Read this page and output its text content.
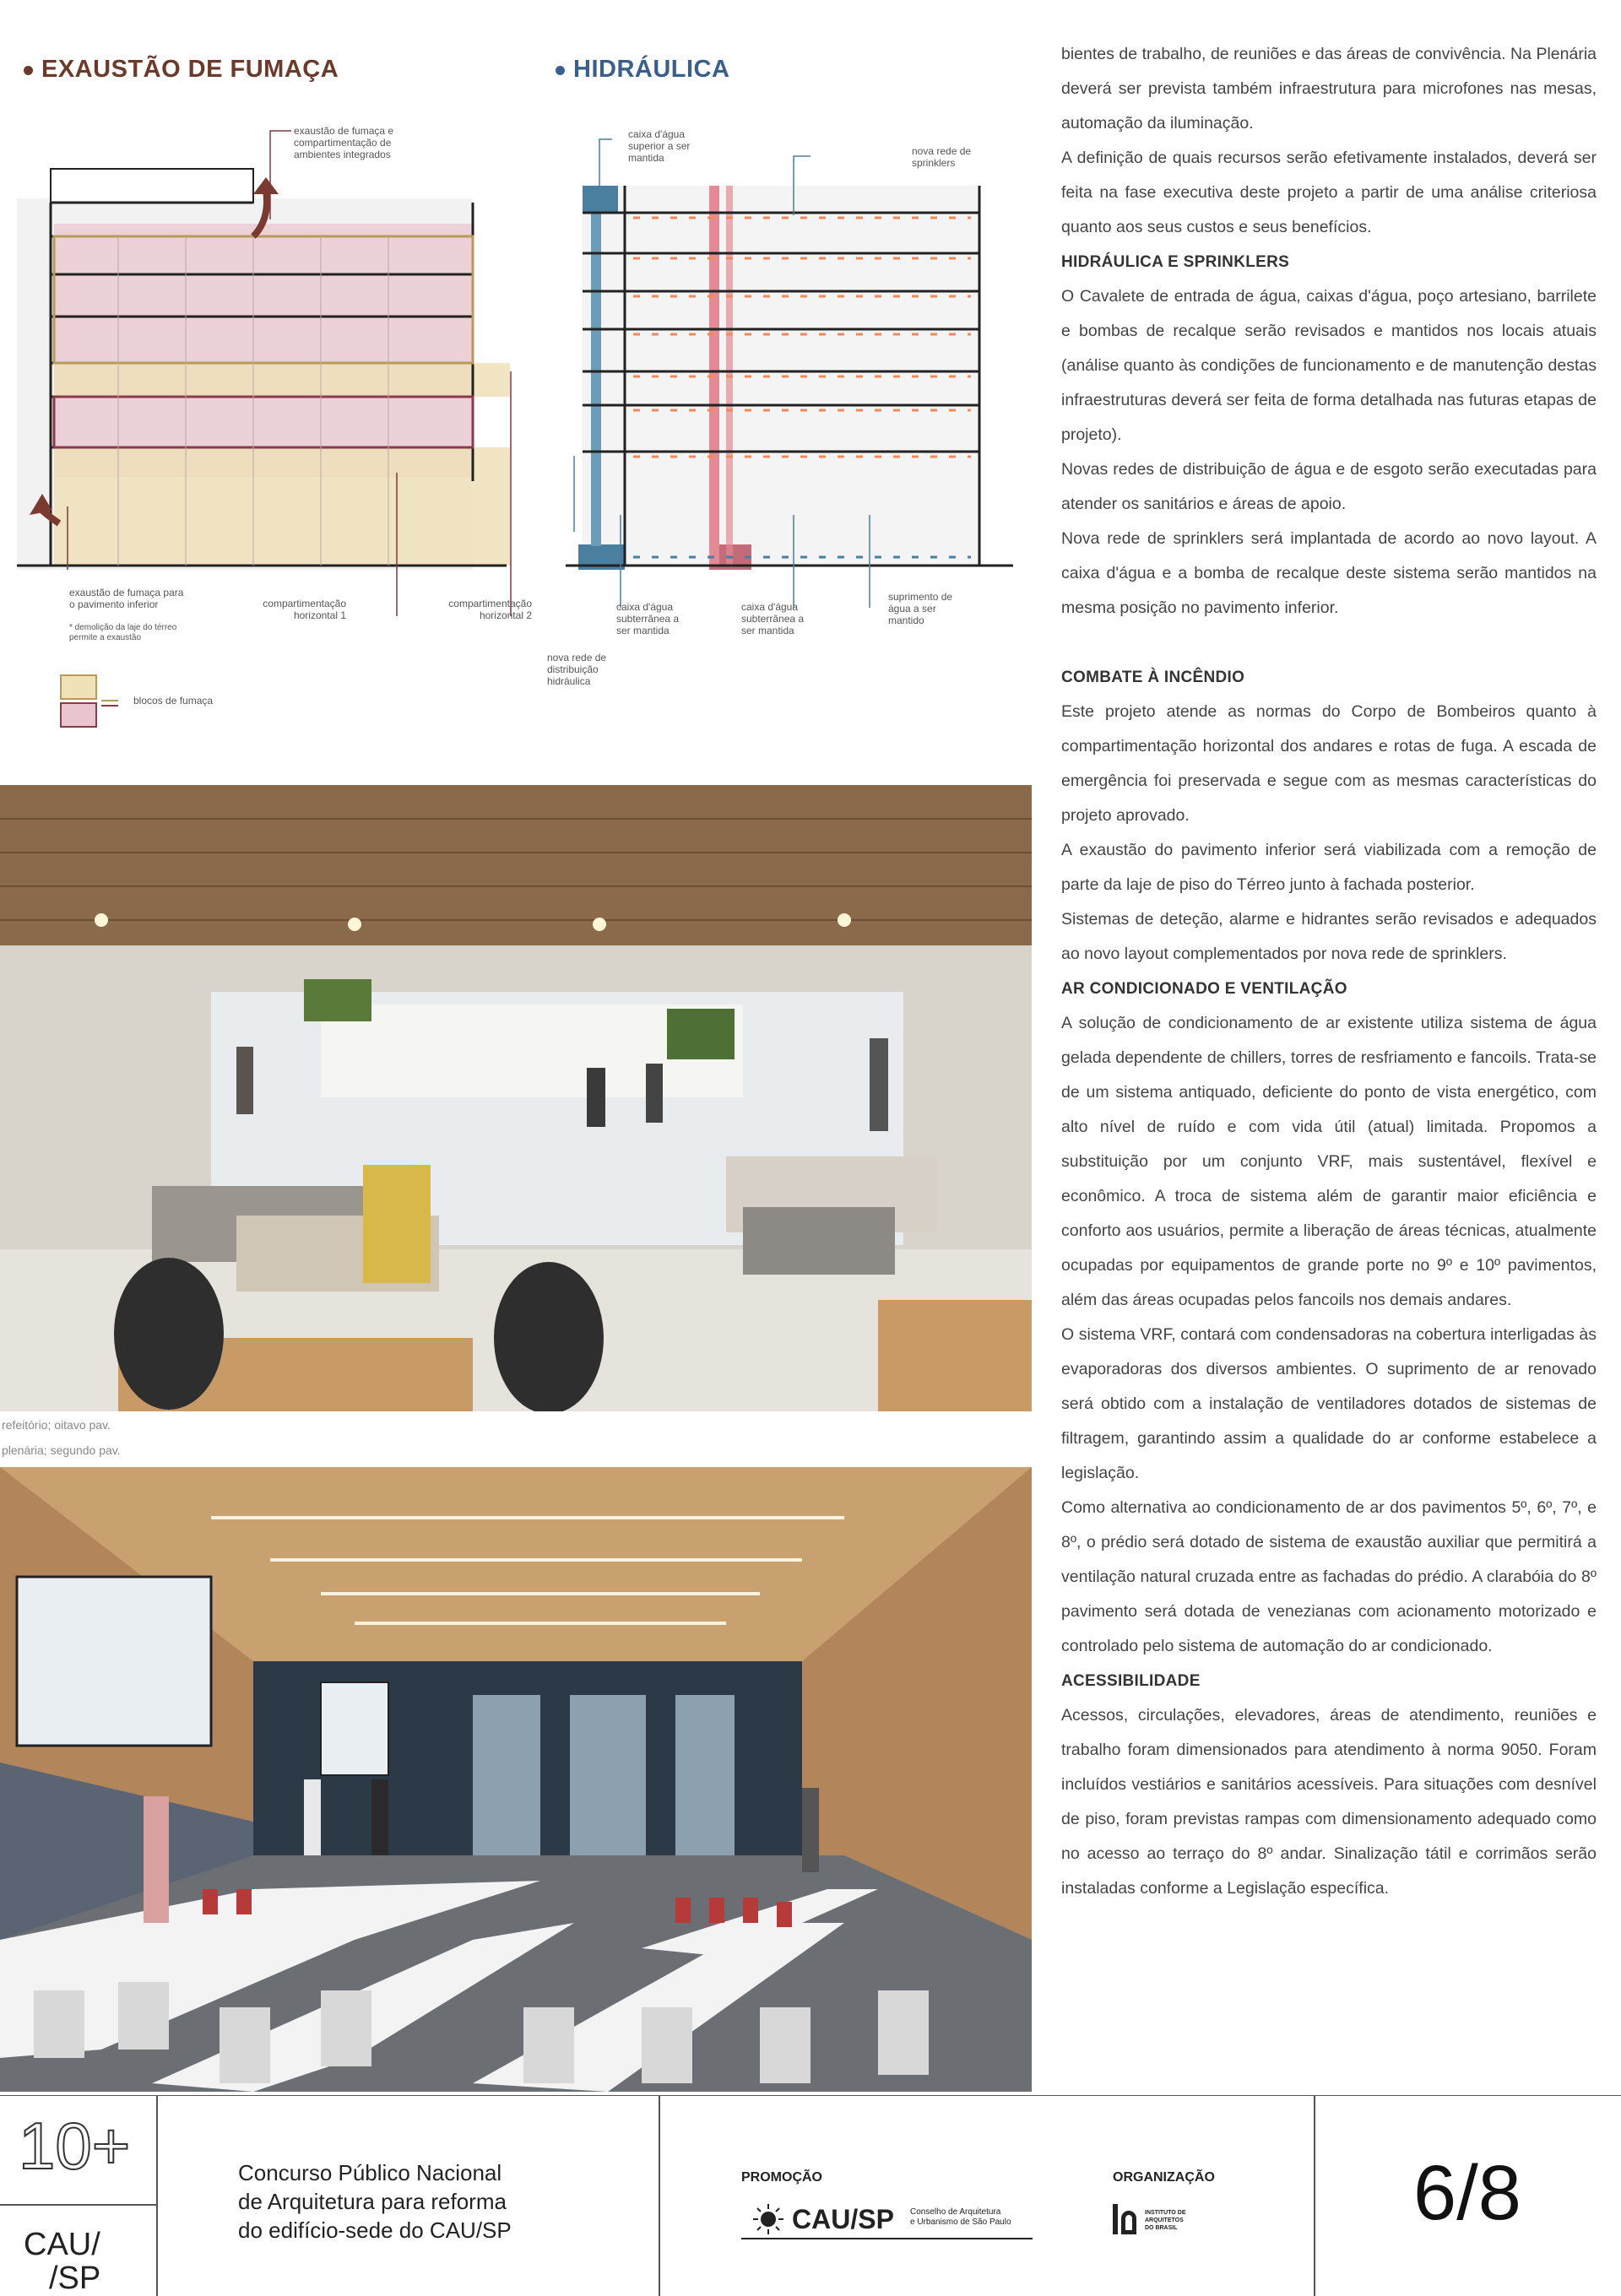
EXAUSTÃO DE FUMAÇA	HIDRÁULICA
exaustão de fumaça e compartimentação de ambientes integrados
exaustão de fumaça para o pavimento inferior
* demolição da laje do térreo permite a exaustão
compartimentação horizontal 1
compartimentação horizontal 2
blocos de fumaça
caixa d'água superior a ser mantida
nova rede de sprinklers
caixa d'água subterrânea a ser mantida
caixa d'água subterrânea a ser mantida
suprimento de água a ser mantido
nova rede de distribuição hidráulica
refeitório; oitavo pav.
plenária; segundo pav.

bientes de trabalho, de reuniões e das áreas de convivência. Na Plenária deverá ser prevista também infraestrutura para microfones nas mesas, automação da iluminação.

A definição de quais recursos serão efetivamente instalados, deverá ser feita na fase executiva deste projeto a partir de uma análise criteriosa quanto aos seus custos e seus benefícios.

HIDRÁULICA E SPRINKLERS

O Cavalete de entrada de água, caixas d'água, poço artesiano, barrilete e bombas de recalque serão revisados e mantidos nos locais atuais (análise quanto às condições de funcionamento e de manutenção destas infraestruturas deverá ser feita de forma detalhada nas futuras etapas de projeto).

Novas redes de distribuição de água e de esgoto serão executadas para atender os sanitários e áreas de apoio.

Nova rede de sprinklers será implantada de acordo ao novo layout. A caixa d'água e a bomba de recalque deste sistema serão mantidos na mesma posição no pavimento inferior.

COMBATE À INCÊNDIO

Este projeto atende as normas do Corpo de Bombeiros quanto à compartimentação horizontal dos andares e rotas de fuga. A escada de emergência foi preservada e segue com as mesmas características do projeto aprovado.

A exaustão do pavimento inferior será viabilizada com a remoção de parte da laje de piso do Térreo junto à fachada posterior.

Sistemas de deteção, alarme e hidrantes serão revisados e adequados ao novo layout complementados por nova rede de sprinklers.

AR CONDICIONADO E VENTILAÇÃO

A solução de condicionamento de ar existente utiliza sistema de água gelada dependente de chillers, torres de resfriamento e fancoils. Trata-se de um sistema antiquado, deficiente do ponto de vista energético, com alto nível de ruído e com vida útil (atual) limitada. Propomos a substituição por um conjunto VRF, mais sustentável, flexível e econômico. A troca de sistema além de garantir maior eficiência e conforto aos usuários, permite a liberação de áreas técnicas, atualmente ocupadas por equipamentos de grande porte no 9º e 10º pavimentos, além das áreas ocupadas pelos fancoils nos demais andares.

O sistema VRF, contará com condensadoras na cobertura interligadas às evaporadoras dos diversos ambientes. O suprimento de ar renovado será obtido com a instalação de ventiladores dotados de sistemas de filtragem, garantindo assim a qualidade do ar conforme estabelece a legislação.

Como alternativa ao condicionamento de ar dos pavimentos 5º, 6º, 7º, e 8º, o prédio será dotado de sistema de exaustão auxiliar que permitirá a ventilação natural cruzada entre as fachadas do prédio. A clarabóia do 8º pavimento será dotada de venezianas com acionamento motorizado e controlado pelo sistema de automação do ar condicionado.

ACESSIBILIDADE

Acessos, circulações, elevadores, áreas de atendimento, reuniões e trabalho foram dimensionados para atendimento à norma 9050. Foram incluídos vestiários e sanitários acessíveis. Para situações com desnível de piso, foram previstas rampas com dimensionamento adequado como no acesso ao terraço do 8º andar. Sinalização tátil e corrimãos serão instaladas conforme a Legislação específica.

10+
CAU/
/SP
Concurso Público Nacional
de Arquitetura para reforma
do edifício-sede do CAU/SP
PROMOÇÃO
CAU/SP Conselho de Arquitetura
e Urbanismo de São Paulo
ORGANIZAÇÃO
INSTITUTO DE
ARQUITETOS
DO BRASIL	6/8
